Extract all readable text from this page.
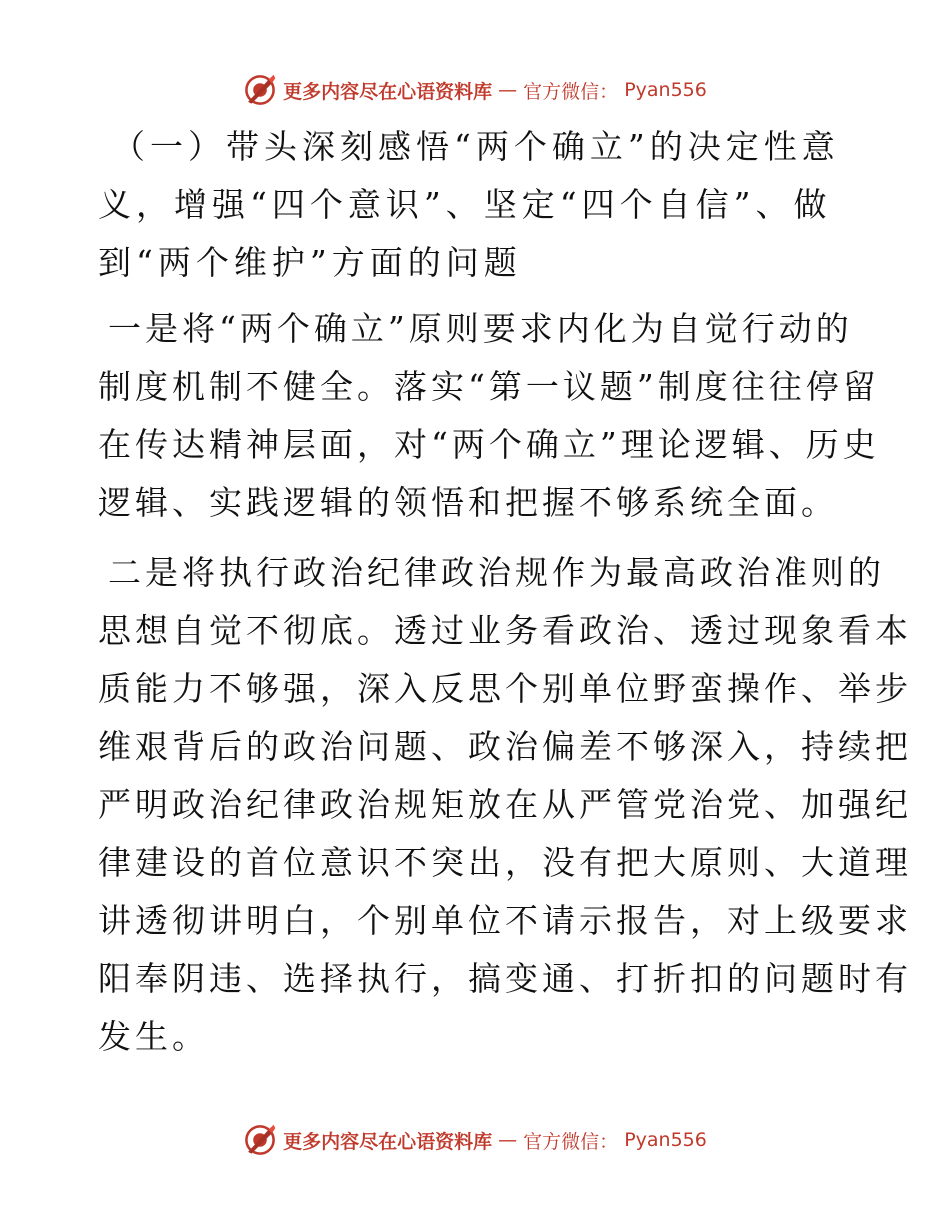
更多内容尽在心语资料库 — 官方微信： Pyan556
（一）带头深刻感悟“两个确立”的决定性意
义，增强“四个意识”、坚定“四个自信”、做
到“两个维护”方面的问题
一是将“两个确立”原则要求内化为自觉行动的
制度机制不健全。落实“第一议题”制度往往停留
在传达精神层面，对“两个确立”理论逻辑、历史
逻辑、实践逻辑的领悟和把握不够系统全面。
二是将执行政治纪律政治规作为最高政治准则的
思想自觉不彻底。透过业务看政治、透过现象看本
质能力不够强，深入反思个别单位野蛮操作、举步
维艰背后的政治问题、政治偏差不够深入，持续把
严明政治纪律政治规矩放在从严管党治党、加强纪
律建设的首位意识不突出，没有把大原则、大道理
讲透彻讲明白，个别单位不请示报告，对上级要求
阳奉阴违、选择执行，搞变通、打折扣的问题时有
发生。
更多内容尽在心语资料库 — 官方微信： Pyan556
